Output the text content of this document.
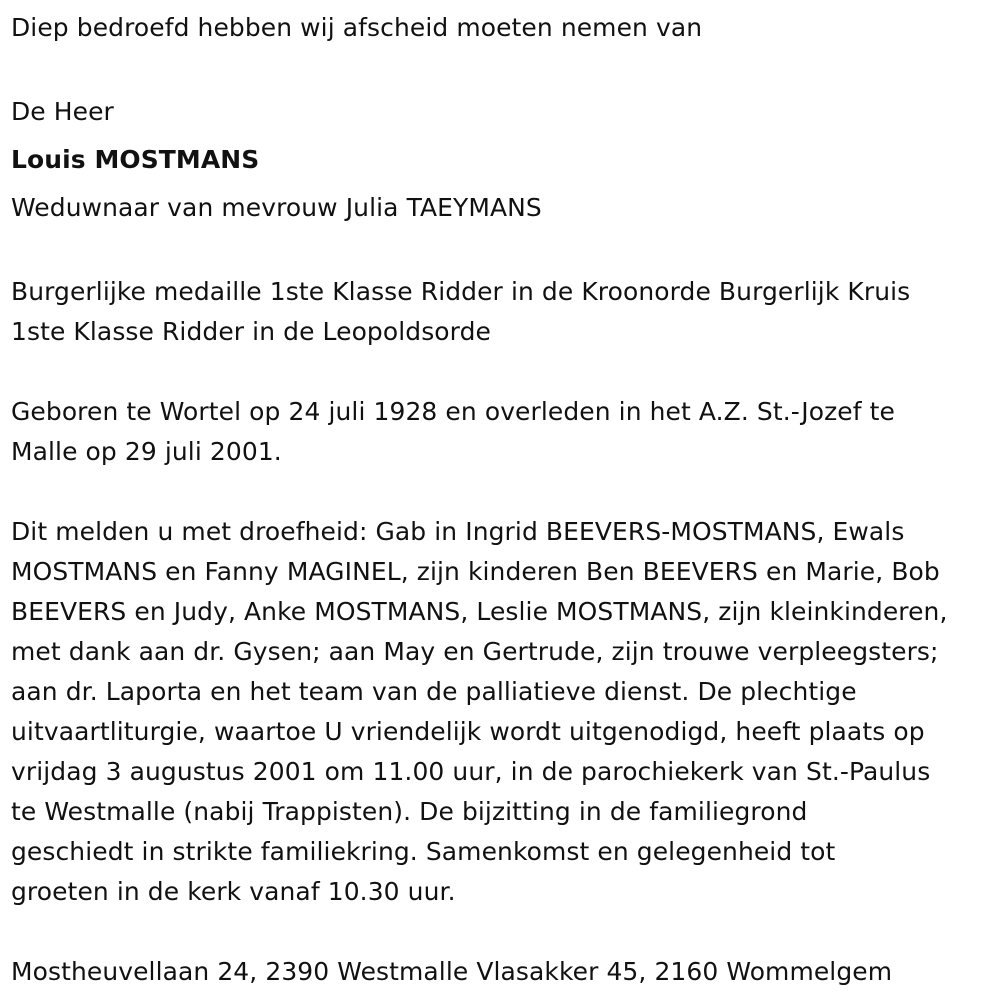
Diep bedroefd hebben wij afscheid moeten nemen van
De Heer
Louis MOSTMANS
Weduwnaar van mevrouw Julia TAEYMANS
Burgerlijke medaille 1ste Klasse Ridder in de Kroonorde Burgerlijk Kruis
1ste Klasse Ridder in de Leopoldsorde
Geboren te Wortel op 24 juli 1928 en overleden in het A.Z. St.-Jozef te
Malle op 29 juli 2001.
Dit melden u met droefheid: Gab in Ingrid BEEVERS-MOSTMANS, Ewals
MOSTMANS en Fanny MAGINEL, zijn kinderen Ben BEEVERS en Marie, Bob
BEEVERS en Judy, Anke MOSTMANS, Leslie MOSTMANS, zijn kleinkinderen,
met dank aan dr. Gysen; aan May en Gertrude, zijn trouwe verpleegsters;
aan dr. Laporta en het team van de palliatieve dienst. De plechtige
uitvaartliturgie, waartoe U vriendelijk wordt uitgenodigd, heeft plaats op
vrijdag 3 augustus 2001 om 11.00 uur, in de parochiekerk van St.-Paulus
te Westmalle (nabij Trappisten). De bijzitting in de familiegrond
geschiedt in strikte familiekring. Samenkomst en gelegenheid tot
groeten in de kerk vanaf 10.30 uur.
Mostheuvellaan 24, 2390 Westmalle Vlasakker 45, 2160 Wommelgem
